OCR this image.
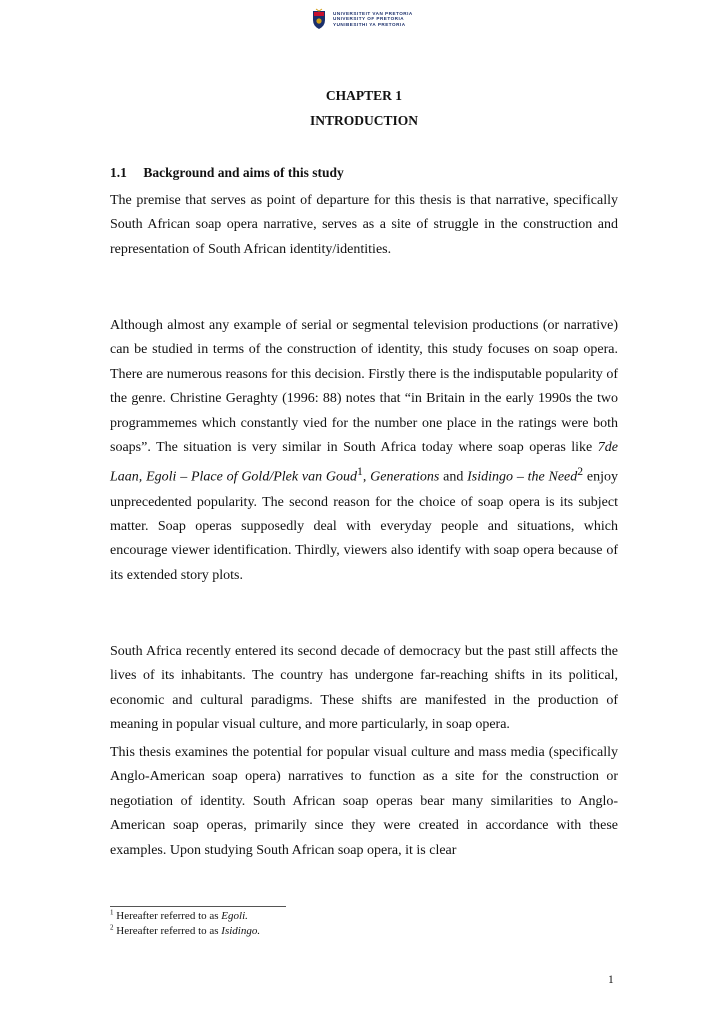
UNIVERSITEIT VAN PRETORIA
UNIVERSITY OF PRETORIA
YUNIBESITHI YA PRETORIA
CHAPTER 1
INTRODUCTION
1.1 Background and aims of this study

The premise that serves as point of departure for this thesis is that narrative, specifically South African soap opera narrative, serves as a site of struggle in the construction and representation of South African identity/identities.

Although almost any example of serial or segmental television productions (or narrative) can be studied in terms of the construction of identity, this study focuses on soap opera. There are numerous reasons for this decision. Firstly there is the indisputable popularity of the genre. Christine Geraghty (1996: 88) notes that “in Britain in the early 1990s the two programmemes which constantly vied for the number one place in the ratings were both soaps”. The situation is very similar in South Africa today where soap operas like 7de Laan, Egoli – Place of Gold/Plek van Goud$^1$, Generations and Isidingo – the Need$^2$ enjoy unprecedented popularity. The second reason for the choice of soap opera is its subject matter. Soap operas supposedly deal with everyday people and situations, which encourage viewer identification. Thirdly, viewers also identify with soap opera because of its extended story plots.

South Africa recently entered its second decade of democracy but the past still affects the lives of its inhabitants. The country has undergone far-reaching shifts in its political, economic and cultural paradigms. These shifts are manifested in the production of meaning in popular visual culture, and more particularly, in soap opera.

This thesis examines the potential for popular visual culture and mass media (specifically Anglo-American soap opera) narratives to function as a site for the construction or negotiation of identity. South African soap operas bear many similarities to Anglo-American soap operas, primarily since they were created in accordance with these examples. Upon studying South African soap opera, it is clear

$^1$ Hereafter referred to as Egoli.
$^2$ Hereafter referred to as Isidingo.
1
